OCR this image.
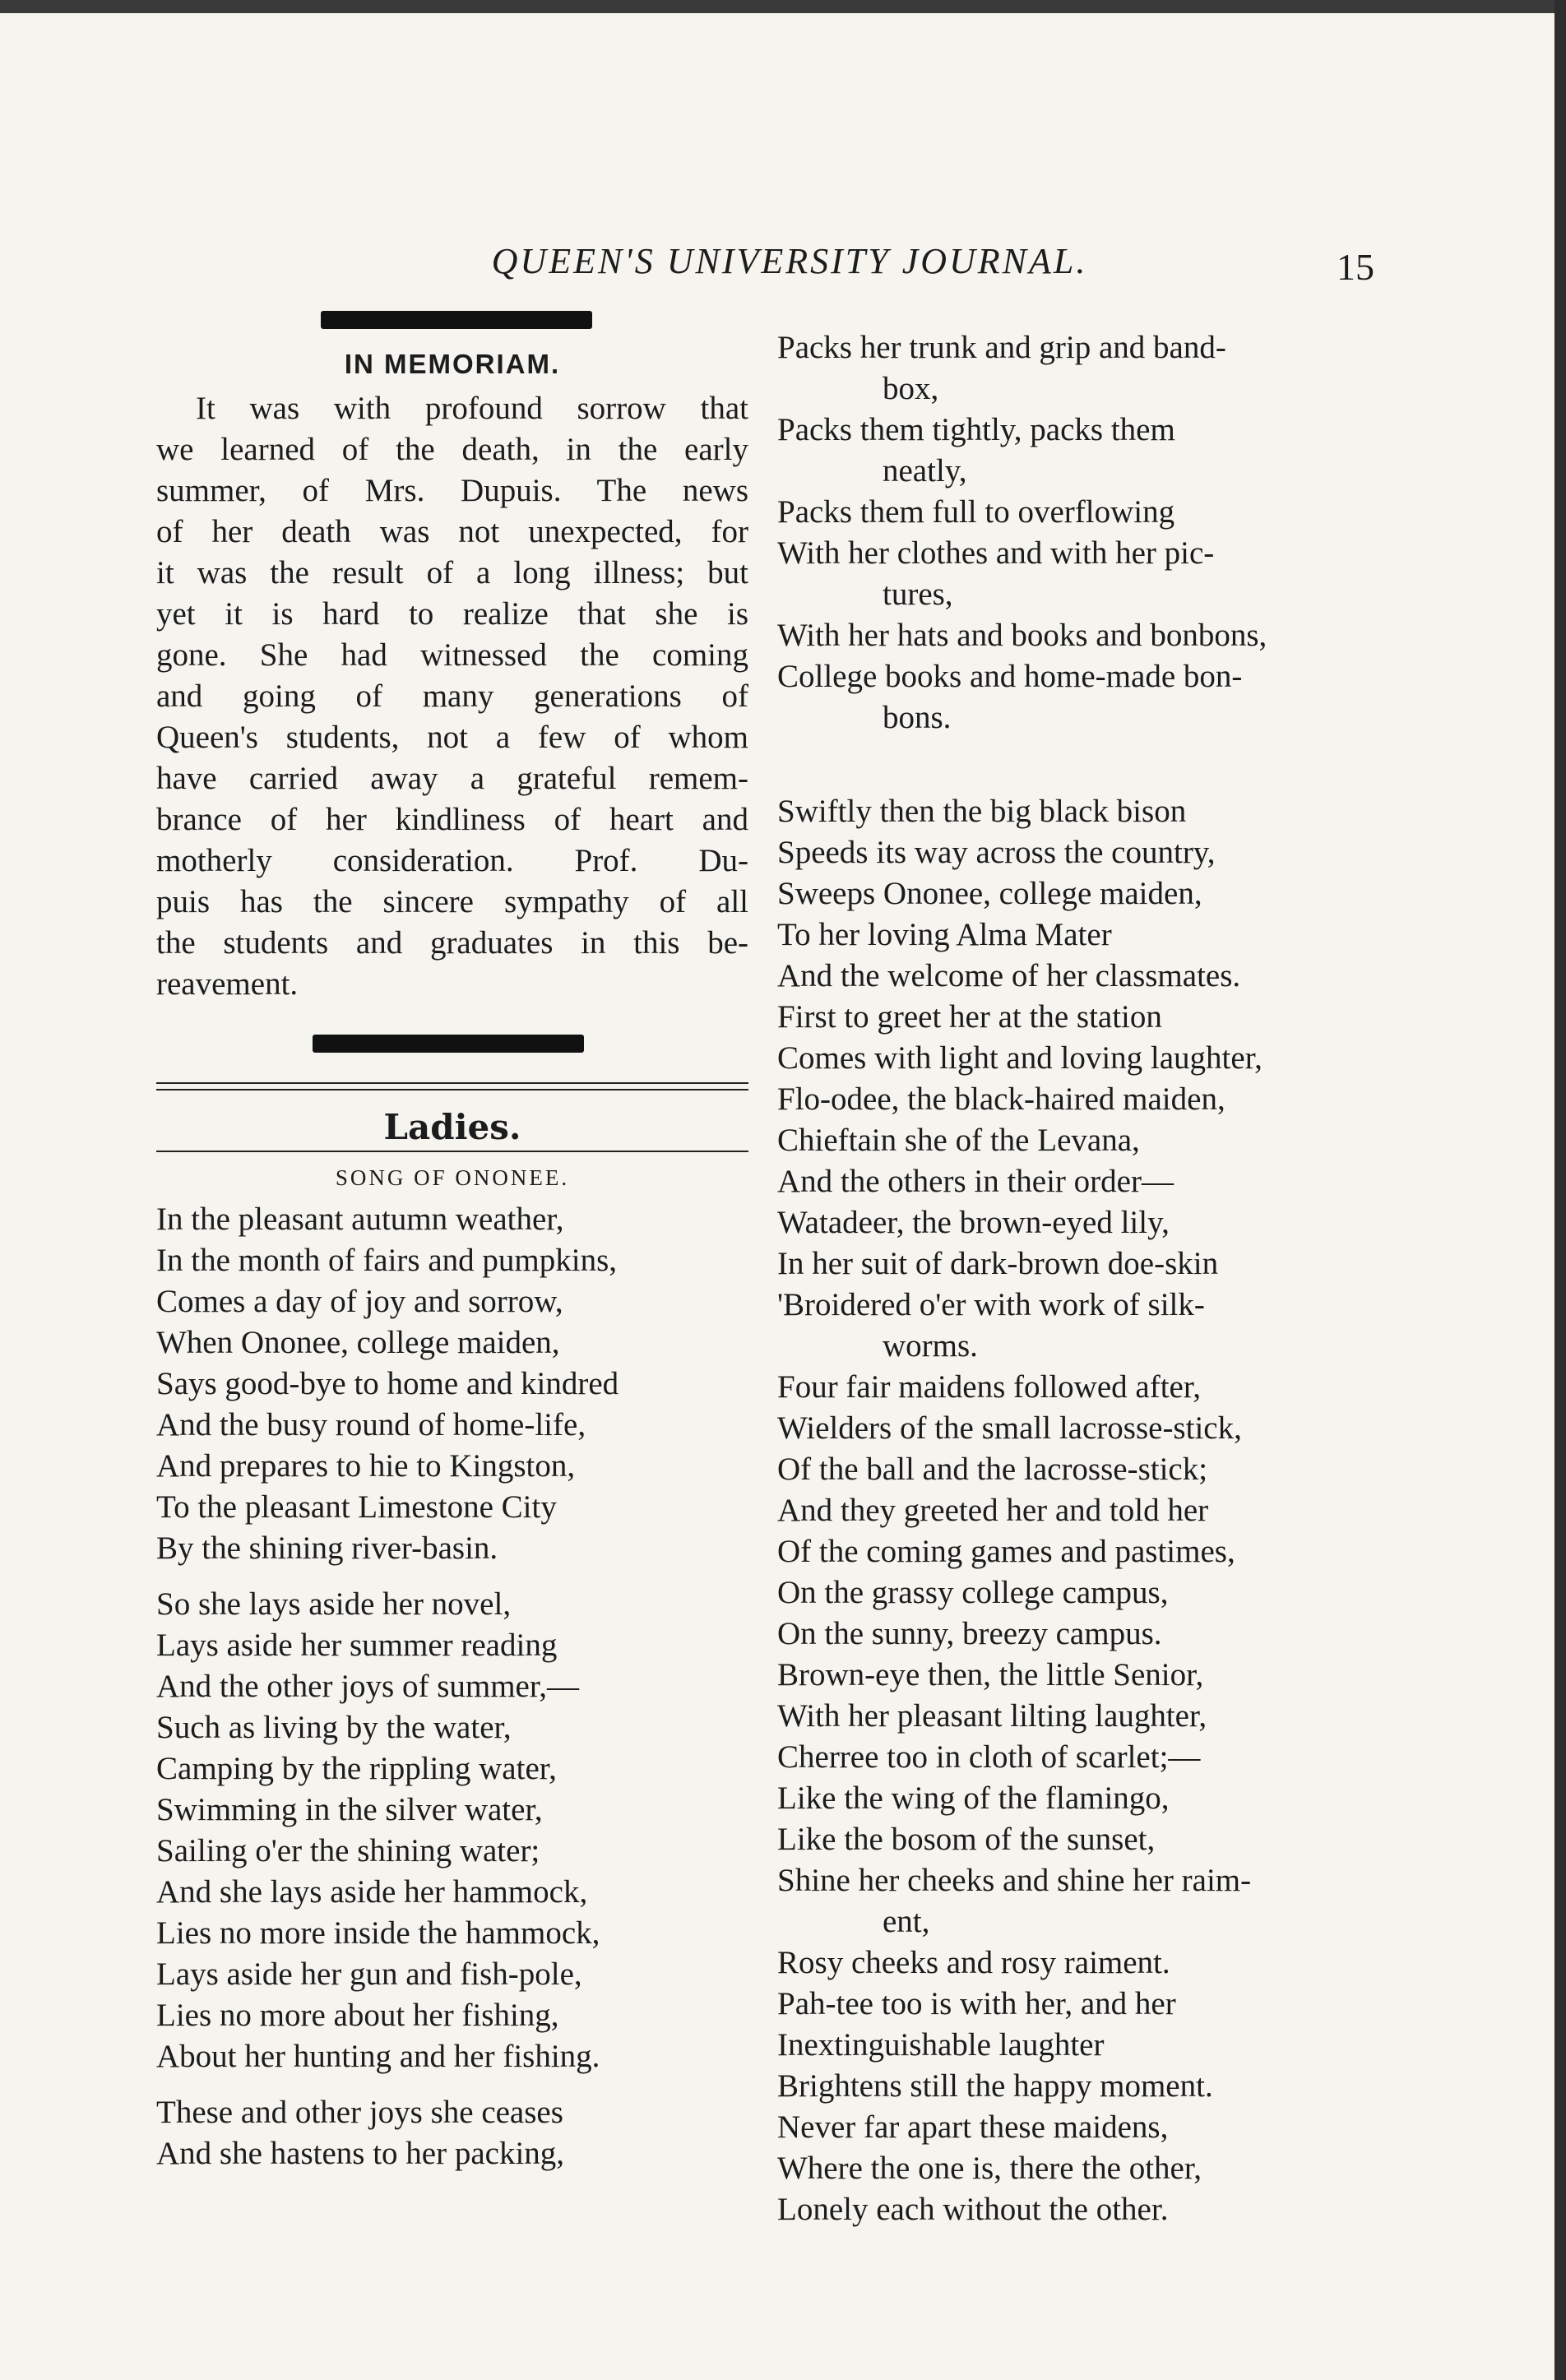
QUEEN'S UNIVERSITY JOURNAL.	15
IN MEMORIAM.
It was with profound sorrow that
we learned of the death, in the early
summer, of Mrs. Dupuis. The news
of her death was not unexpected, for
it was the result of a long illness; but
yet it is hard to realize that she is
gone. She had witnessed the coming
and going of many generations of
Queen's students, not a few of whom
have carried away a grateful remem-
brance of her kindliness of heart and
motherly consideration. Prof. Du-
puis has the sincere sympathy of all
the students and graduates in this be-
reavement.
Ladies.
SONG OF ONONEE.
In the pleasant autumn weather,
In the month of fairs and pumpkins,
Comes a day of joy and sorrow,
When Ononee, college maiden,
Says good-bye to home and kindred
And the busy round of home-life,
And prepares to hie to Kingston,
To the pleasant Limestone City
By the shining river-basin.
So she lays aside her novel,
Lays aside her summer reading
And the other joys of summer,—
Such as living by the water,
Camping by the rippling water,
Swimming in the silver water,
Sailing o'er the shining water;
And she lays aside her hammock,
Lies no more inside the hammock,
Lays aside her gun and fish-pole,
Lies no more about her fishing,
About her hunting and her fishing.
These and other joys she ceases
And she hastens to her packing,
Packs her trunk and grip and band-
box,
Packs them tightly, packs them
neatly,
Packs them full to overflowing
With her clothes and with her pic-
tures,
With her hats and books and bonbons,
College books and home-made bon-
bons.
Swiftly then the big black bison
Speeds its way across the country,
Sweeps Ononee, college maiden,
To her loving Alma Mater
And the welcome of her classmates.
First to greet her at the station
Comes with light and loving laughter,
Flo-odee, the black-haired maiden,
Chieftain she of the Levana,
And the others in their order—
Watadeer, the brown-eyed lily,
In her suit of dark-brown doe-skin
'Broidered o'er with work of silk-
worms.
Four fair maidens followed after,
Wielders of the small lacrosse-stick,
Of the ball and the lacrosse-stick;
And they greeted her and told her
Of the coming games and pastimes,
On the grassy college campus,
On the sunny, breezy campus.
Brown-eye then, the little Senior,
With her pleasant lilting laughter,
Cherree too in cloth of scarlet;—
Like the wing of the flamingo,
Like the bosom of the sunset,
Shine her cheeks and shine her raim-
ent,
Rosy cheeks and rosy raiment.
Pah-tee too is with her, and her
Inextinguishable laughter
Brightens still the happy moment.
Never far apart these maidens,
Where the one is, there the other,
Lonely each without the other.
